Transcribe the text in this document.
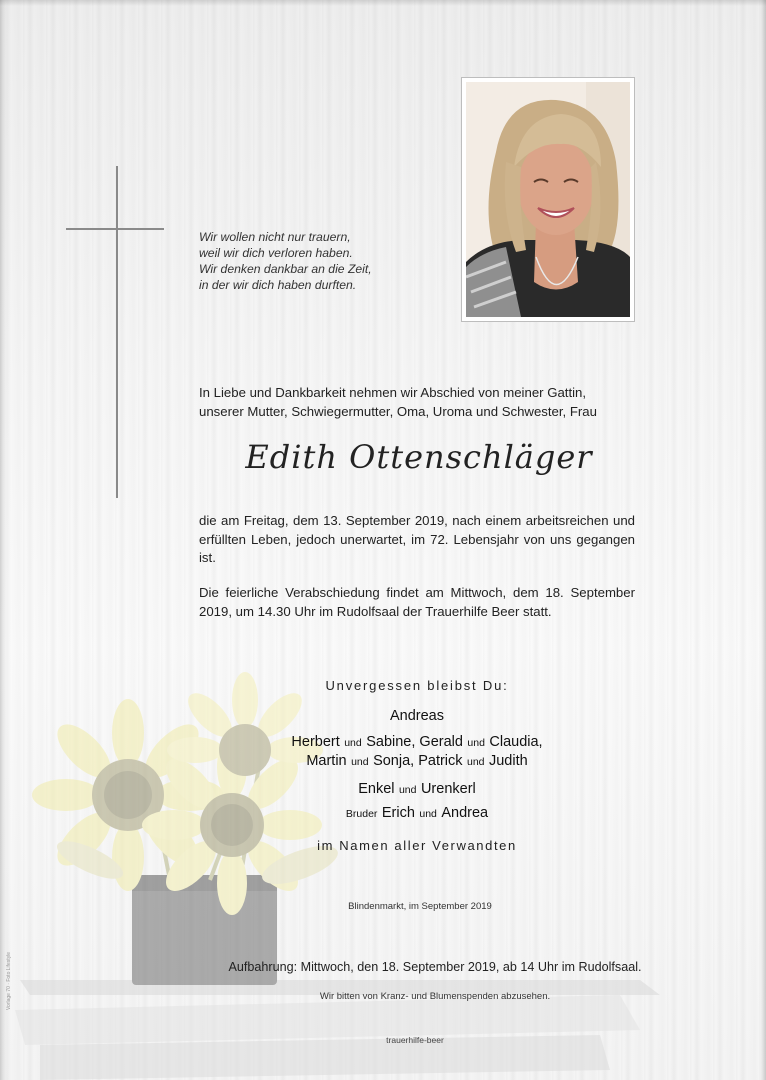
Wir wollen nicht nur trauern,
weil wir dich verloren haben.
Wir denken dankbar an die Zeit,
in der wir dich haben durften.
In Liebe und Dankbarkeit nehmen wir Abschied von meiner Gattin,
unserer Mutter, Schwiegermutter, Oma, Uroma und Schwester, Frau
Edith Ottenschläger
die am Freitag, dem 13. September 2019, nach einem arbeitsreichen und erfüllten Leben, jedoch unerwartet, im 72. Lebensjahr von uns gegangen ist.
Die feierliche Verabschiedung findet am Mittwoch, dem 18. September 2019, um 14.30 Uhr im Rudolfsaal der Trauerhilfe Beer statt.
Unvergessen bleibst Du:
Andreas
Herbert und Sabine, Gerald und Claudia,
Martin und Sonja, Patrick und Judith
Enkel und Urenkerl
Bruder Erich und Andrea
im Namen aller Verwandten
Blindenmarkt, im September 2019
Aufbahrung: Mittwoch, den 18. September 2019, ab 14 Uhr im Rudolfsaal.
Wir bitten von Kranz- und Blumenspenden abzusehen.
trauerhilfe-beer
Vorlage 70 · Foto Lifestyle
